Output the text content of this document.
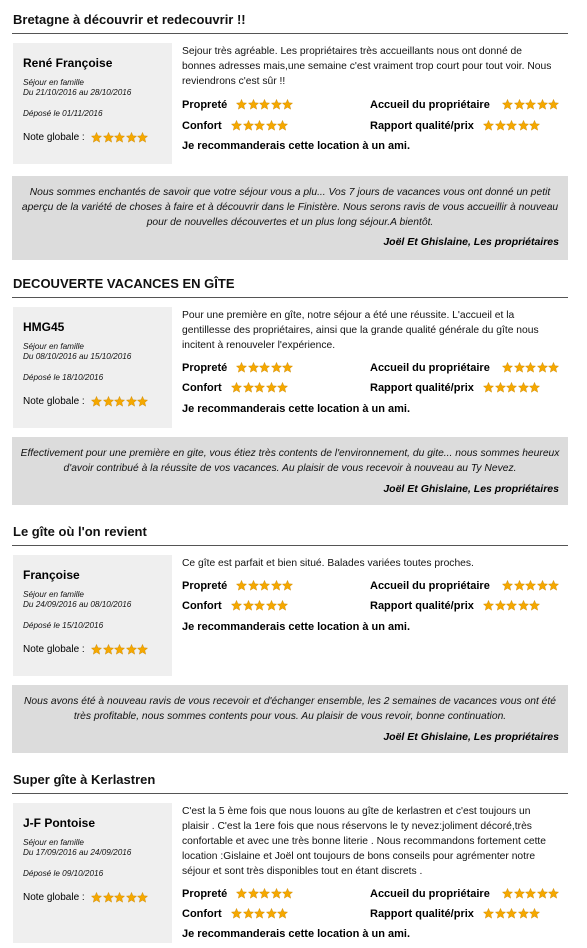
Bretagne à découvrir et redecouvrir !!
René Françoise
Séjour en famille
Du 21/10/2016 au 28/10/2016
Déposé le 01/11/2016
Note globale :
Sejour très agréable. Les propriétaires très accueillants nous ont donné de bonnes adresses mais,une semaine c'est vraiment trop court pour tout voir. Nous reviendrons c'est sûr !!
Propreté	Accueil du propriétaire
Confort	Rapport qualité/prix
Je recommanderais cette location à un ami.
Nous sommes enchantés de savoir que votre séjour vous a plu... Vos 7 jours de vacances vous ont donné un petit aperçu de la variété de choses à faire et à découvrir dans le Finistère. Nous serons ravis de vous accueillir à nouveau pour de nouvelles découvertes et un plus long séjour.A bientôt.
Joël Et Ghislaine, Les propriétaires
DECOUVERTE VACANCES EN GÎTE
HMG45
Séjour en famille
Du 08/10/2016 au 15/10/2016
Déposé le 18/10/2016
Note globale :
Pour une première en gîte, notre séjour a été une réussite. L'accueil et la gentillesse des propriétaires, ainsi que la grande qualité générale du gîte nous incitent à renouveler l'expérience.
Propreté	Accueil du propriétaire
Confort	Rapport qualité/prix
Je recommanderais cette location à un ami.
Effectivement pour une première en gite, vous étiez très contents de l'environnement, du gite... nous sommes heureux d'avoir contribué à la réussite de vos vacances. Au plaisir de vous recevoir à nouveau au Ty Nevez.
Joël Et Ghislaine, Les propriétaires
Le gîte où l'on revient
Françoise
Séjour en famille
Du 24/09/2016 au 08/10/2016
Déposé le 15/10/2016
Note globale :
Ce gîte est parfait et bien situé. Balades variées toutes proches.
Propreté	Accueil du propriétaire
Confort	Rapport qualité/prix
Je recommanderais cette location à un ami.
Nous avons été à nouveau ravis de vous recevoir et d'échanger ensemble, les 2 semaines de vacances vous ont été très profitable, nous sommes contents pour vous. Au plaisir de vous revoir, bonne continuation.
Joël Et Ghislaine, Les propriétaires
Super gîte à Kerlastren
J-F Pontoise
Séjour en famille
Du 17/09/2016 au 24/09/2016
Déposé le 09/10/2016
Note globale :
C'est la 5 ème fois que nous louons au gîte de kerlastren et c'est toujours un plaisir . C'est la 1ere fois que nous réservons le ty nevez:joliment décoré,très confortable et avec une très bonne literie . Nous recommandons fortement cette location :Gislaine et Joël ont toujours de bons conseils pour agrémenter notre séjour et sont très disponibles tout en étant discrets .
Propreté	Accueil du propriétaire
Confort	Rapport qualité/prix
Je recommanderais cette location à un ami.
